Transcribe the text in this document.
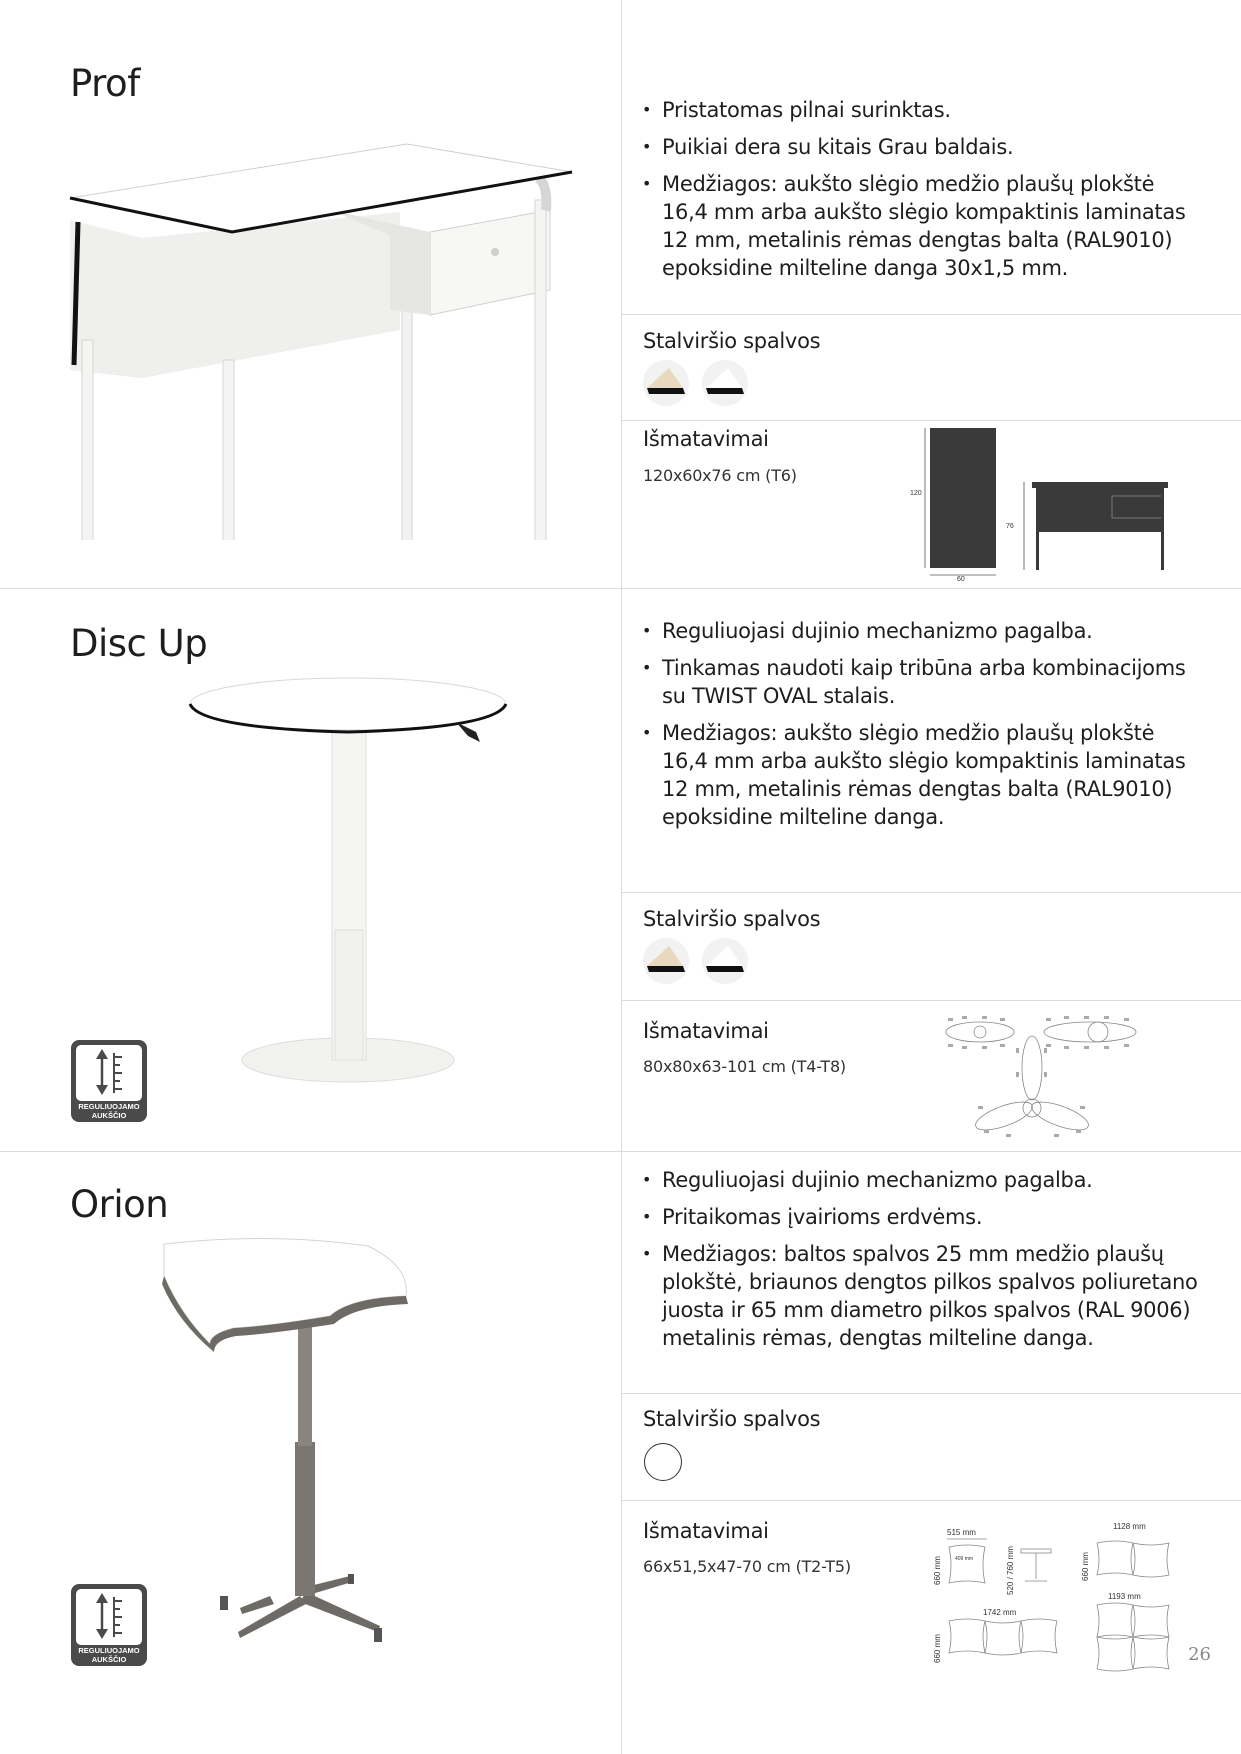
Prof
• Pristatomas pilnai surinktas.
• Puikiai dera su kitais Grau baldais.
• Medžiagos: aukšto slėgio medžio plaušų plokštė 16,4 mm arba aukšto slėgio kompaktinis laminatas 12 mm, metalinis rėmas dengtas balta (RAL9010) epoksidine milteline danga 30x1,5 mm.
Stalviršio spalvos
Išmatavimai
120x60x76 cm (T6)
120
60
76
Disc Up
REGULIUOJAMO AUKŠČIO
• Reguliuojasi dujinio mechanizmo pagalba.
• Tinkamas naudoti kaip tribūna arba kombinacijoms su TWIST OVAL stalais.
• Medžiagos: aukšto slėgio medžio plaušų plokštė 16,4 mm arba aukšto slėgio kompaktinis laminatas 12 mm, metalinis rėmas dengtas balta (RAL9010) epoksidine milteline danga.
Stalviršio spalvos
Išmatavimai
80x80x63-101 cm (T4-T8)
Orion
REGULIUOJAMO AUKŠČIO
• Reguliuojasi dujinio mechanizmo pagalba.
• Pritaikomas įvairioms erdvėms.
• Medžiagos: baltos spalvos 25 mm medžio plaušų plokštė, briaunos dengtos pilkos spalvos poliuretano juosta ir 65 mm diametro pilkos spalvos (RAL 9006) metalinis rėmas, dengtas milteline danga.
Stalviršio spalvos
Išmatavimai
66x51,5x47-70 cm (T2-T5)
515 mm
409 mm
660 mm	520 / 760 mm
1128 mm
660 mm
1742 mm
660 mm
1193 mm
26
